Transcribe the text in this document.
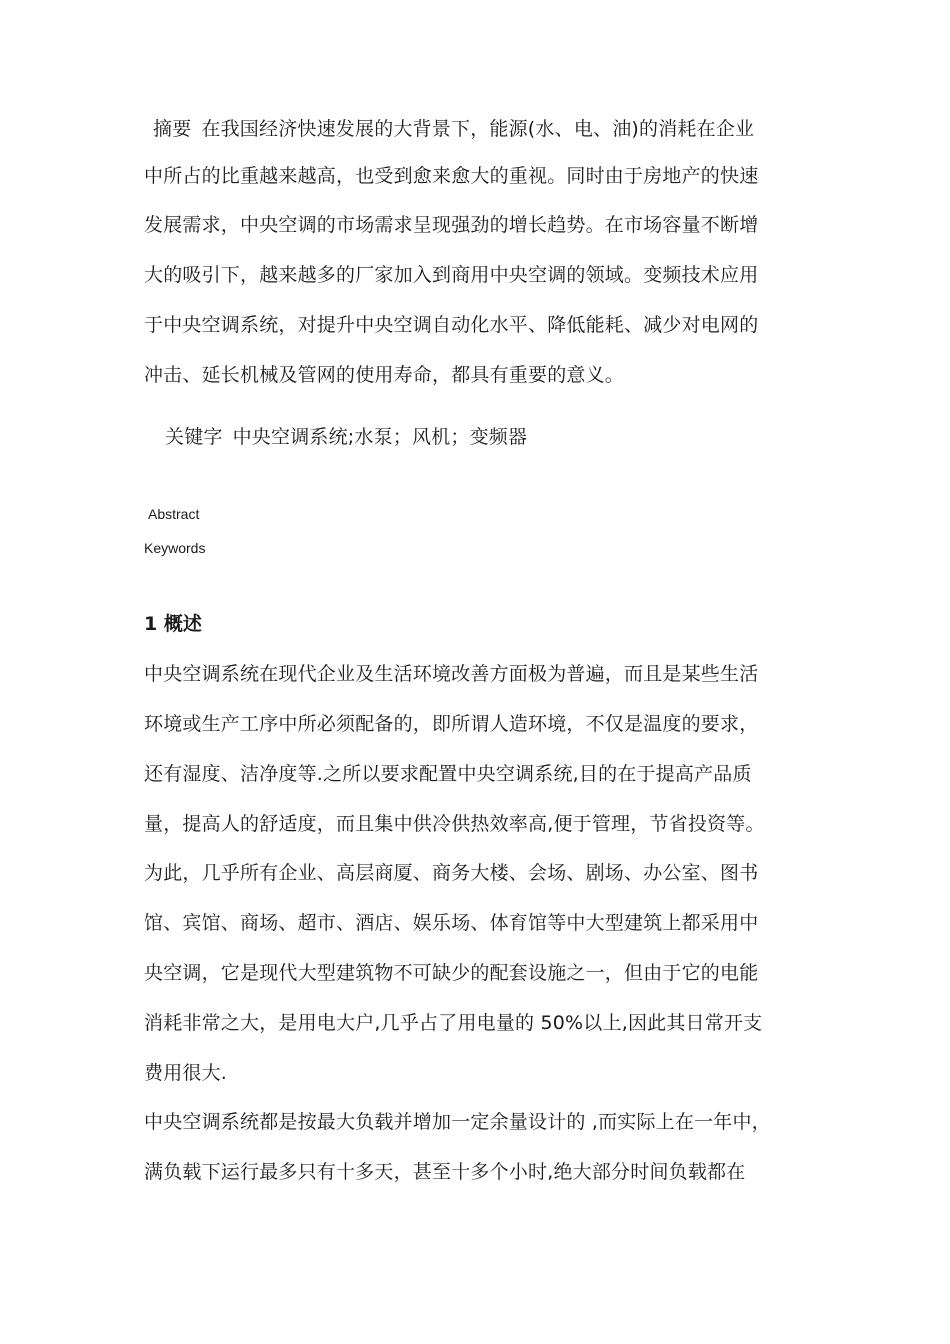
摘要 在我国经济快速发展的大背景下，能源(水、电、油)的消耗在企业
中所占的比重越来越高，也受到愈来愈大的重视。同时由于房地产的快速
发展需求，中央空调的市场需求呈现强劲的增长趋势。在市场容量不断增
大的吸引下，越来越多的厂家加入到商用中央空调的领域。变频技术应用
于中央空调系统，对提升中央空调自动化水平、降低能耗、减少对电网的
冲击、延长机械及管网的使用寿命，都具有重要的意义。
关键字 中央空调系统;水泵；风机；变频器
Abstract
Keywords
1 概述
中央空调系统在现代企业及生活环境改善方面极为普遍，而且是某些生活
环境或生产工序中所必须配备的，即所谓人造环境，不仅是温度的要求，
还有湿度、洁净度等.之所以要求配置中央空调系统,目的在于提高产品质
量，提高人的舒适度，而且集中供冷供热效率高,便于管理，节省投资等。
为此，几乎所有企业、高层商厦、商务大楼、会场、剧场、办公室、图书
馆、宾馆、商场、超市、酒店、娱乐场、体育馆等中大型建筑上都采用中
央空调，它是现代大型建筑物不可缺少的配套设施之一，但由于它的电能
消耗非常之大，是用电大户,几乎占了用电量的 50%以上,因此其日常开支
费用很大.
中央空调系统都是按最大负载并增加一定余量设计的 ,而实际上在一年中，
满负载下运行最多只有十多天，甚至十多个小时,绝大部分时间负载都在
